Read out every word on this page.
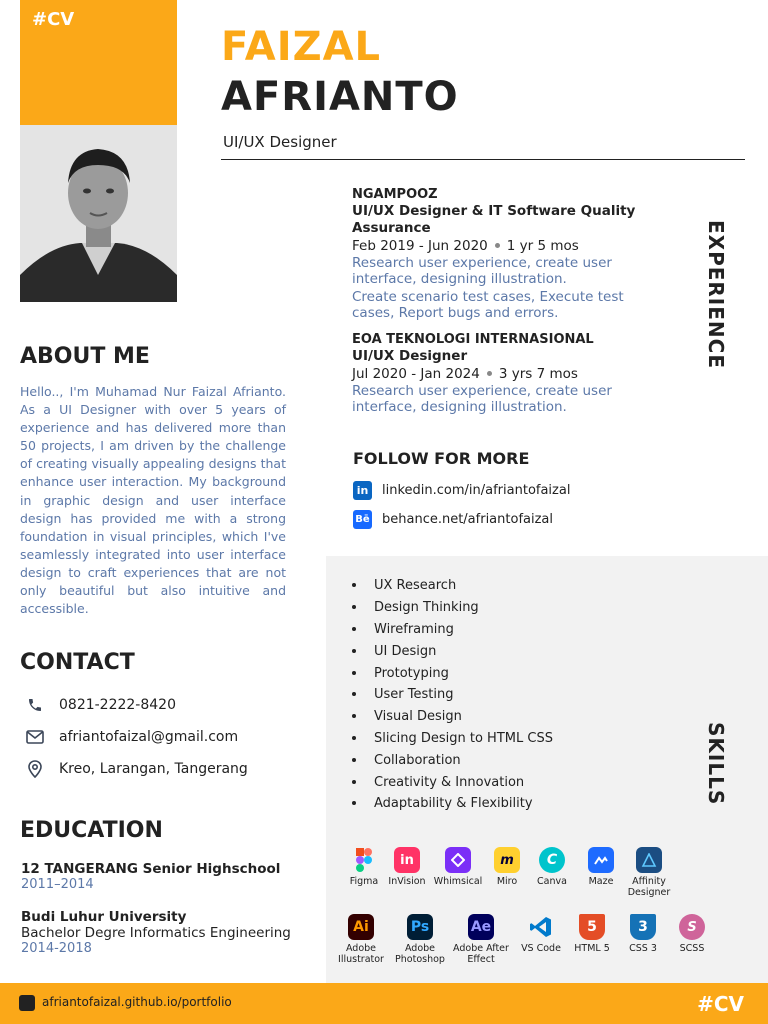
#CV
FAIZAL
AFRIANTO
UI/UX Designer
NGAMPOOZ
UI/UX Designer & IT Software Quality Assurance
Feb 2019 - Jun 2020 1 yr 5 mos
Research user experience, create user interface, designing illustration.
Create scenario test cases, Execute test cases, Report bugs and errors.
EOA TEKNOLOGI INTERNASIONAL
UI/UX Designer
Jul 2020 - Jan 2024 3 yrs 7 mos
Research user experience, create user interface, designing illustration.
EXPERIENCE
FOLLOW FOR MORE
in linkedin.com/in/afriantofaizal
Bē behance.net/afriantofaizal
ABOUT ME
Hello.., I'm Muhamad Nur Faizal Afrianto. As a UI Designer with over 5 years of experience and has delivered more than 50 projects, I am driven by the challenge of creating visually appealing designs that enhance user interaction. My background in graphic design and user interface design has provided me with a strong foundation in visual principles, which I've seamlessly integrated into user interface design to craft experiences that are not only beautiful but also intuitive and accessible.
CONTACT
0821-2222-8420
afriantofaizal@gmail.com
Kreo, Larangan, Tangerang
EDUCATION
12 TANGERANG Senior Highschool
2011–2014
Budi Luhur University
Bachelor Degre Informatics Engineering
2014-2018
UX Research
Design Thinking
Wireframing
UI Design
Prototyping
User Testing
Visual Design
Slicing Design to HTML CSS
Collaboration
Creativity & Innovation
Adaptability & Flexibility	SKILLS
Figma
in
InVision Whimsical
m
Miro
C
Canva Maze	Affinity Designer
Ai
Adobe Illustrator
Ps
Adobe Photoshop
Ae
Adobe After Effect
VS Code
5
HTML 5
3
CSS 3
S
SCSS
afriantofaizal.github.io/portfolio	#CV
